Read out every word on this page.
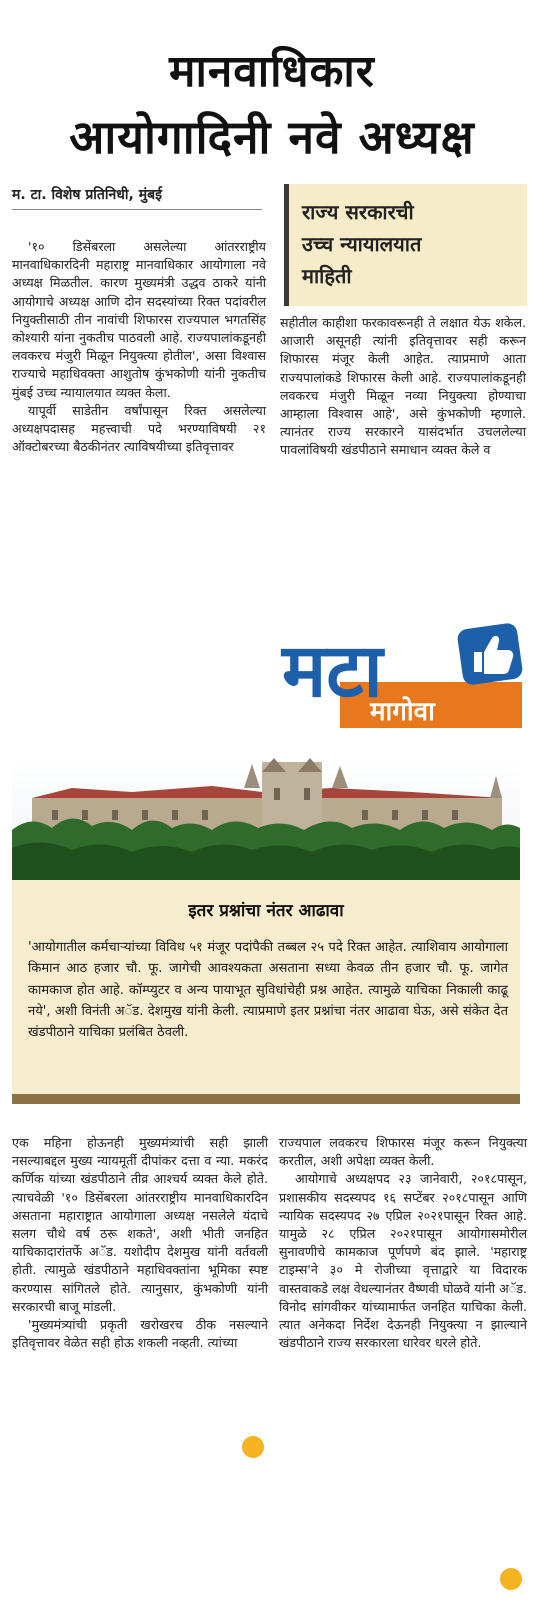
मानवाधिकार
आयोगादिनी नवे अध्यक्ष
म. टा. विशेष प्रतिनिधी, मुंबई
राज्य सरकारची
उच्च न्यायालयात
माहिती

'१० डिसेंबरला असलेल्या आंतरराष्ट्रीय मानवाधिकारदिनी महाराष्ट्र मानवाधिकार आयोगाला नवे अध्यक्ष मिळतील. कारण मुख्यमंत्री उद्धव ठाकरे यांनी आयोगाचे अध्यक्ष आणि दोन सदस्यांच्या रिक्त पदांवरील नियुक्तीसाठी तीन नावांची शिफारस राज्यपाल भगतसिंह कोश्यारी यांना नुकतीच पाठवली आहे. राज्यपालांकडूनही लवकरच मंजुरी मिळून नियुक्त्या होतील', असा विश्वास राज्याचे महाधिवक्ता आशुतोष कुंभकोणी यांनी नुकतीच मुंबई उच्च न्यायालयात व्यक्त केला.

यापूर्वी साडेतीन वर्षांपासून रिक्त असलेल्या अध्यक्षपदासह महत्त्वाची पदे भरण्याविषयी २१ ऑक्टोबरच्या बैठकीनंतर त्याविषयीच्या इतिवृत्तावर

सहीतील काहीशा फरकावरूनही ते लक्षात येऊ शकेल. आजारी असूनही त्यांनी इतिवृत्तावर सही करून शिफारस मंजूर केली आहेत. त्याप्रमाणे आता राज्यपालांकडे शिफारस केली आहे. राज्यपालांकडूनही लवकरच मंजुरी मिळून नव्या नियुक्त्या होण्याचा आम्हाला विश्वास आहे', असे कुंभकोणी म्हणाले. त्यानंतर राज्य सरकारने यासंदर्भात उचललेल्या पावलांविषयी खंडपीठाने समाधान व्यक्त केले व

मटा
मागोवा
इतर प्रश्नांचा नंतर आढावा
'आयोगातील कर्मचाऱ्यांच्या विविध ५१ मंजूर पदांपैकी तब्बल २५ पदे रिक्त आहेत. त्याशिवाय आयोगाला किमान आठ हजार चौ. फू. जागेची आवश्यकता असताना सध्या केवळ तीन हजार चौ. फू. जागेत कामकाज होत आहे. कॉम्प्युटर व अन्य पायाभूत सुविधांचेही प्रश्न आहेत. त्यामुळे याचिका निकाली काढू नये', अशी विनंती अॅड. देशमुख यांनी केली. त्याप्रमाणे इतर प्रश्नांचा नंतर आढावा घेऊ, असे संकेत देत खंडपीठाने याचिका प्रलंबित ठेवली.

एक महिना होऊनही मुख्यमंत्र्यांची सही झाली नसल्याबद्दल मुख्य न्यायमूर्ती दीपांकर दत्ता व न्या. मकरंद कर्णिक यांच्या खंडपीठाने तीव्र आश्चर्य व्यक्त केले होते. त्याचवेळी '१० डिसेंबरला आंतरराष्ट्रीय मानवाधिकारदिन असताना महाराष्ट्रात आयोगाला अध्यक्ष नसलेले यंदाचे सलग चौथे वर्ष ठरू शकते', अशी भीती जनहित याचिकादारांतर्फे अॅड. यशोदीप देशमुख यांनी वर्तवली होती. त्यामुळे खंडपीठाने महाधिवक्तांना भूमिका स्पष्ट करण्यास सांगितले होते. त्यानुसार, कुंभकोणी यांनी सरकारची बाजू मांडली.

'मुख्यमंत्र्यांची प्रकृती खरोखरच ठीक नसल्याने इतिवृत्तावर वेळेत सही होऊ शकली नव्हती. त्यांच्या

राज्यपाल लवकरच शिफारस मंजूर करून नियुक्त्या करतील, अशी अपेक्षा व्यक्त केली.

आयोगाचे अध्यक्षपद २३ जानेवारी, २०१८पासून, प्रशासकीय सदस्यपद १६ सप्टेंबर २०१८पासून आणि न्यायिक सदस्यपद २७ एप्रिल २०२१पासून रिक्त आहे. यामुळे २८ एप्रिल २०२१पासून आयोगासमोरील सुनावणीचे कामकाज पूर्णपणे बंद झाले. 'महाराष्ट्र टाइम्स'ने ३० मे रोजीच्या वृत्ताद्वारे या विदारक वास्तवाकडे लक्ष वेधल्यानंतर वैष्णवी घोळवे यांनी अॅड. विनोद सांगवीकर यांच्यामार्फत जनहित याचिका केली. त्यात अनेकदा निर्देश देऊनही नियुक्त्या न झाल्याने खंडपीठाने राज्य सरकारला धारेवर धरले होते.
